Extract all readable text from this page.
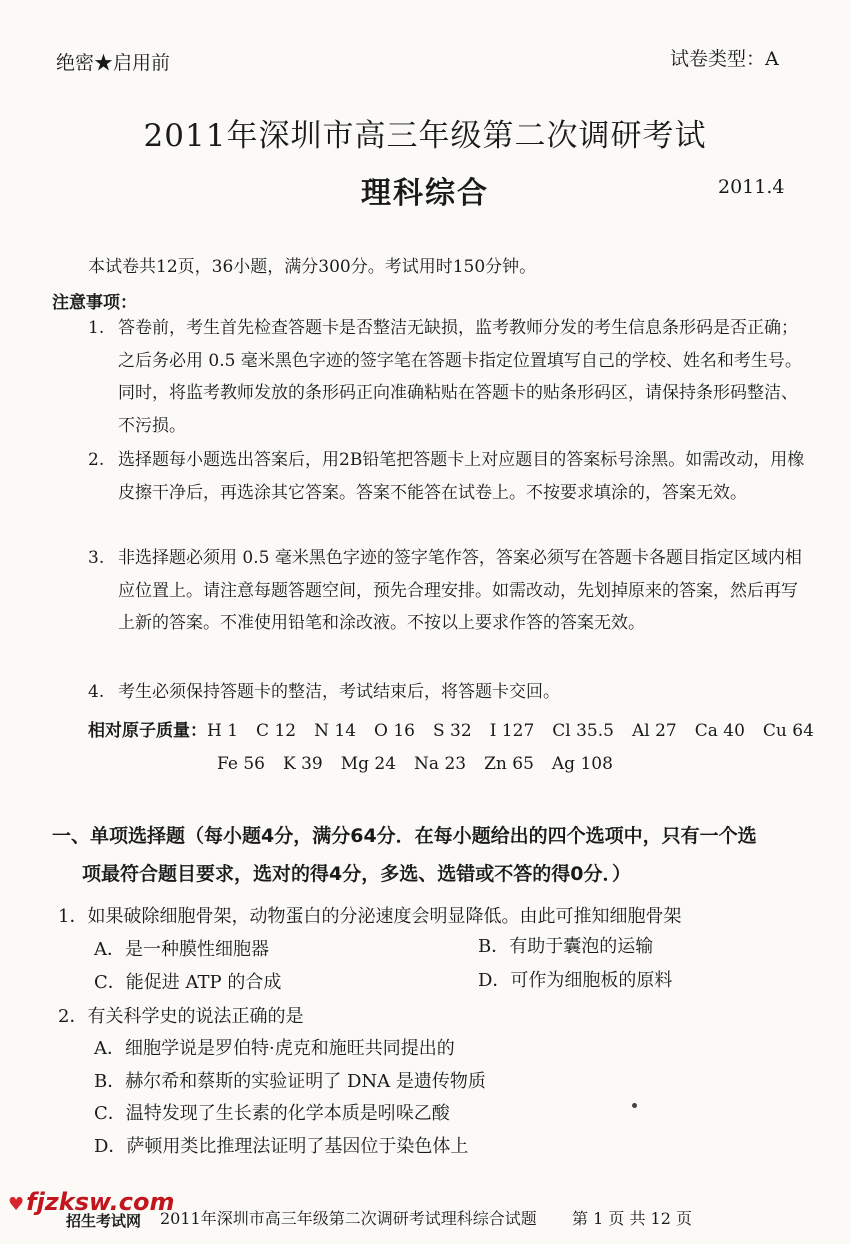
绝密★启用前	试卷类型：A
2011年深圳市高三年级第二次调研考试
理科综合	2011.4
本试卷共12页，36小题，满分300分。考试用时150分钟。
注意事项：
1. 答卷前，考生首先检查答题卡是否整洁无缺损，监考教师分发的考生信息条形码是否正确；之后务必用 0.5 毫米黑色字迹的签字笔在答题卡指定位置填写自己的学校、姓名和考生号。同时，将监考教师发放的条形码正向准确粘贴在答题卡的贴条形码区，请保持条形码整洁、不污损。
2. 选择题每小题选出答案后，用2B铅笔把答题卡上对应题目的答案标号涂黑。如需改动，用橡皮擦干净后，再选涂其它答案。答案不能答在试卷上。不按要求填涂的，答案无效。
3. 非选择题必须用 0.5 毫米黑色字迹的签字笔作答，答案必须写在答题卡各题目指定区域内相应位置上。请注意每题答题空间，预先合理安排。如需改动，先划掉原来的答案，然后再写上新的答案。不准使用铅笔和涂改液。不按以上要求作答的答案无效。
4. 考生必须保持答题卡的整洁，考试结束后，将答题卡交回。
相对原子质量：H 1 C 12 N 14 O 16 S 32 I 127 Cl 35.5 Al 27 Ca 40 Cu 64
Fe 56 K 39 Mg 24 Na 23 Zn 65 Ag 108
一、单项选择题（每小题4分，满分64分．在每小题给出的四个选项中，只有一个选
项最符合题目要求，选对的得4分，多选、选错或不答的得0分．）
1．如果破除细胞骨架，动物蛋白的分泌速度会明显降低。由此可推知细胞骨架
A．是一种膜性细胞器	B．有助于囊泡的运输
C．能促进 ATP 的合成	D．可作为细胞板的原料
2．有关科学史的说法正确的是
A．细胞学说是罗伯特·虎克和施旺共同提出的
B．赫尔希和蔡斯的实验证明了 DNA 是遗传物质
C．温特发现了生长素的化学本质是吲哚乙酸
D．萨顿用类比推理法证明了基因位于染色体上
♥fjzksw.com
招生考试网 2011年深圳市高三年级第二次调研考试理科综合试题 第 1 页 共 12 页
